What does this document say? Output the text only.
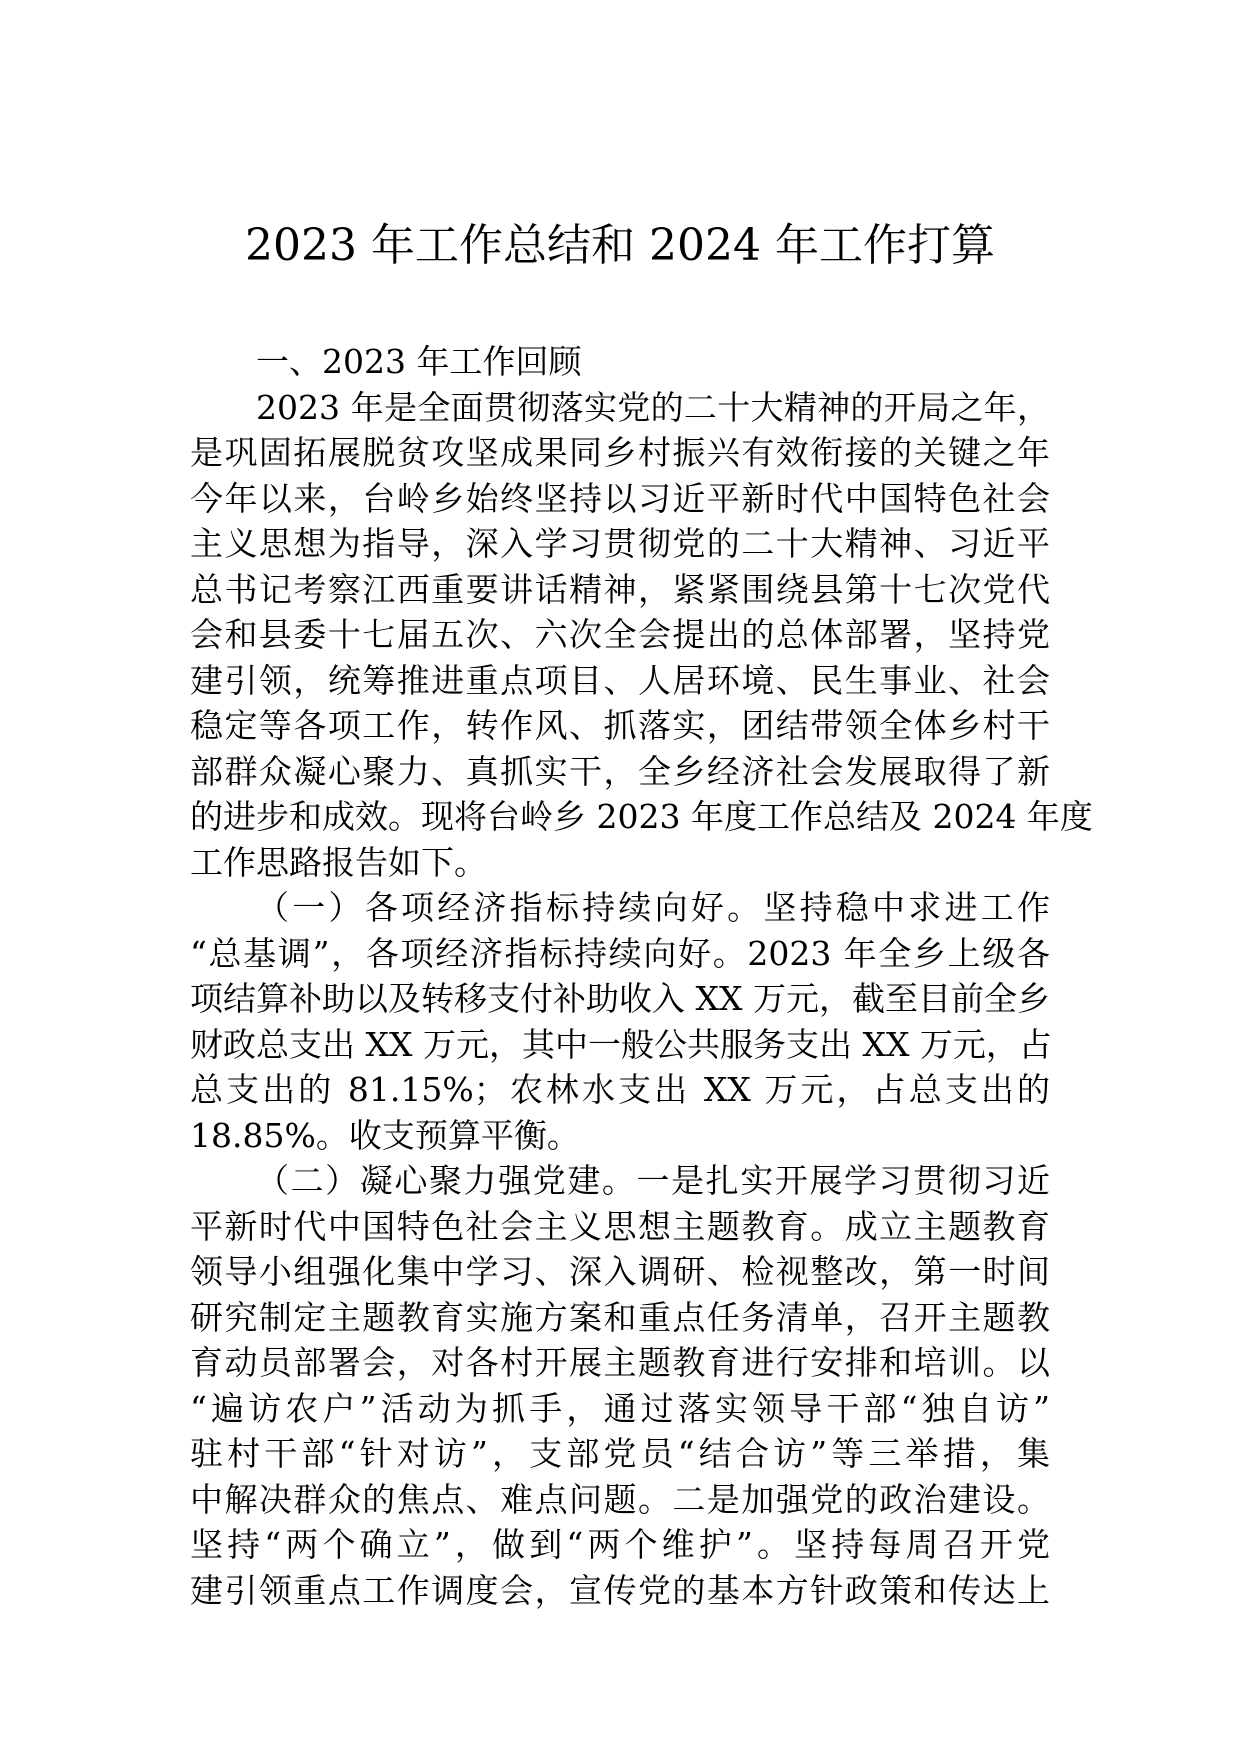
2023 年工作总结和 2024 年工作打算
一、2023 年工作回顾
2023 年是全面贯彻落实党的二十大精神的开局之年，
是巩固拓展脱贫攻坚成果同乡村振兴有效衔接的关键之年
今年以来，台岭乡始终坚持以习近平新时代中国特色社会
主义思想为指导，深入学习贯彻党的二十大精神、习近平
总书记考察江西重要讲话精神，紧紧围绕县第十七次党代
会和县委十七届五次、六次全会提出的总体部署，坚持党
建引领，统筹推进重点项目、人居环境、民生事业、社会
稳定等各项工作，转作风、抓落实，团结带领全体乡村干
部群众凝心聚力、真抓实干，全乡经济社会发展取得了新
的进步和成效。现将台岭乡 2023 年度工作总结及 2024 年度
工作思路报告如下。
（一）各项经济指标持续向好。坚持稳中求进工作
“总基调”，各项经济指标持续向好。2023 年全乡上级各
项结算补助以及转移支付补助收入 XX 万元，截至目前全乡
财政总支出 XX 万元，其中一般公共服务支出 XX 万元，占
总支出的 81.15%；农林水支出 XX 万元，占总支出的
18.85%。收支预算平衡。
（二）凝心聚力强党建。一是扎实开展学习贯彻习近
平新时代中国特色社会主义思想主题教育。成立主题教育
领导小组强化集中学习、深入调研、检视整改，第一时间
研究制定主题教育实施方案和重点任务清单，召开主题教
育动员部署会，对各村开展主题教育进行安排和培训。以
“遍访农户”活动为抓手，通过落实领导干部“独自访”
驻村干部“针对访”，支部党员“结合访”等三举措，集
中解决群众的焦点、难点问题。二是加强党的政治建设。
坚持“两个确立”，做到“两个维护”。坚持每周召开党
建引领重点工作调度会，宣传党的基本方针政策和传达上
